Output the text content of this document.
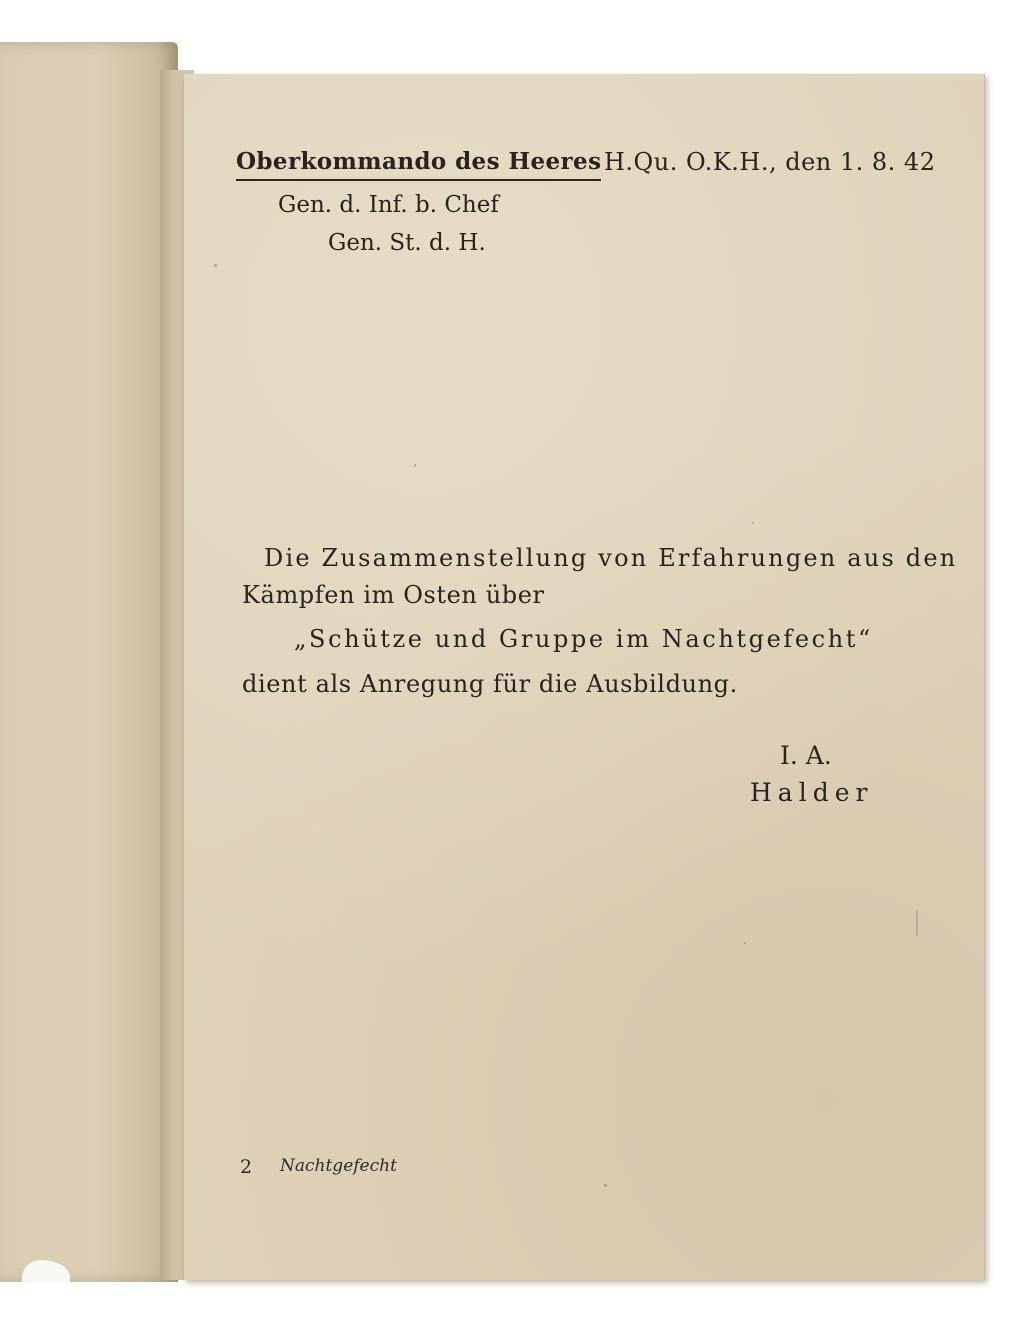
Oberkommando des Heeres H.Qu. O.K.H., den 1. 8. 42
Gen. d. Inf. b. Chef
Gen. St. d. H.
Die Zusammenstellung von Erfahrungen aus den
Kämpfen im Osten über
„Schütze und Gruppe im Nachtgefecht“
dient als Anregung für die Ausbildung.
I. A.
Halder
2 Nachtgefecht
